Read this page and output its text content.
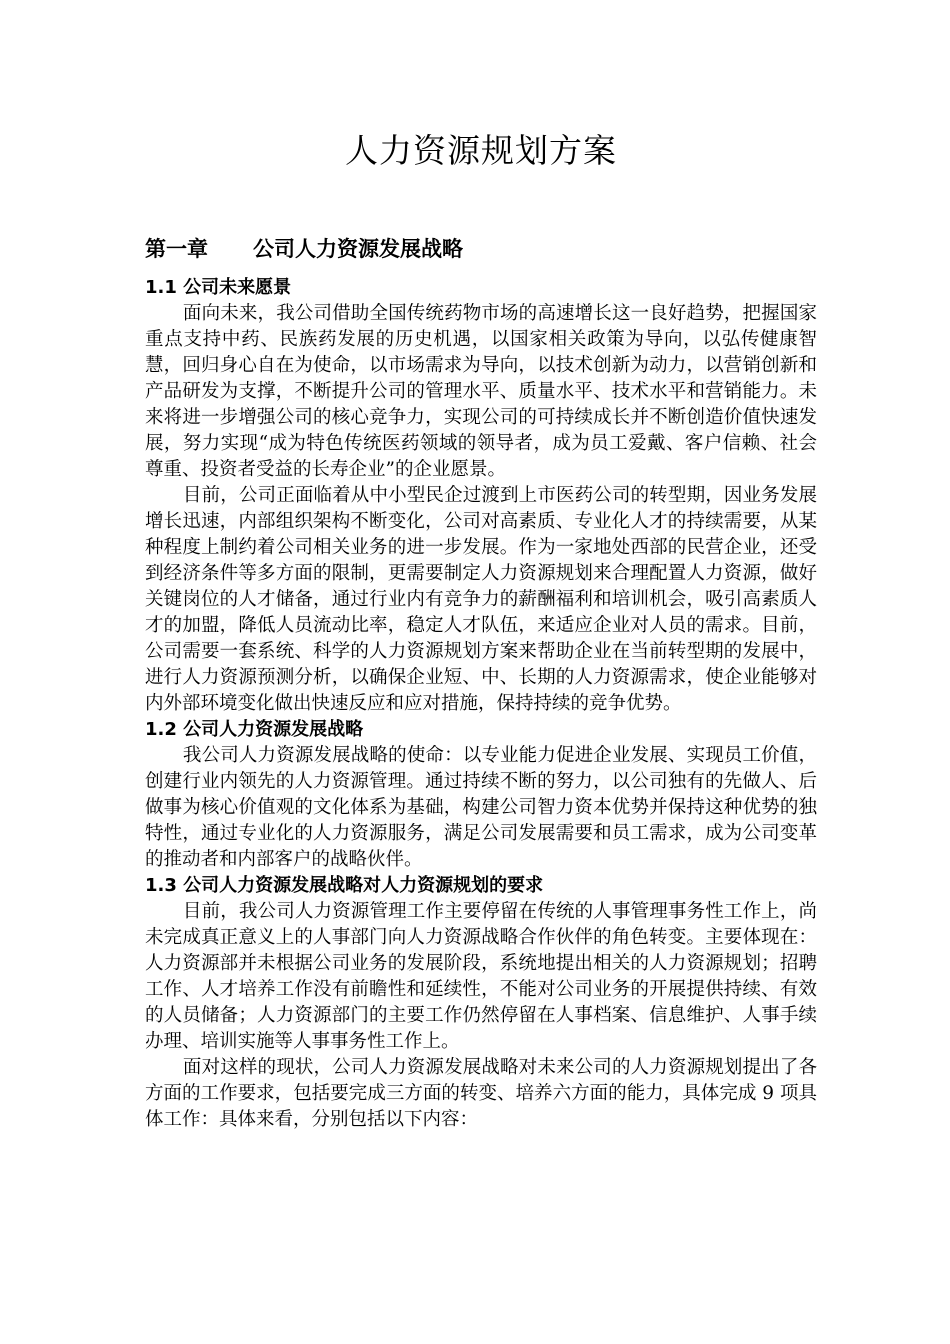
人力资源规划方案
第一章 公司人力资源发展战略
1.1 公司未来愿景

面向未来，我公司借助全国传统药物市场的高速增长这一良好趋势，把握国家重点支持中药、民族药发展的历史机遇，以国家相关政策为导向，以弘传健康智慧，回归身心自在为使命，以市场需求为导向，以技术创新为动力，以营销创新和产品研发为支撑，不断提升公司的管理水平、质量水平、技术水平和营销能力。未来将进一步增强公司的核心竞争力，实现公司的可持续成长并不断创造价值快速发展，努力实现“成为特色传统医药领域的领导者，成为员工爱戴、客户信赖、社会尊重、投资者受益的长寿企业”的企业愿景。

目前，公司正面临着从中小型民企过渡到上市医药公司的转型期，因业务发展增长迅速，内部组织架构不断变化，公司对高素质、专业化人才的持续需要，从某种程度上制约着公司相关业务的进一步发展。作为一家地处西部的民营企业，还受到经济条件等多方面的限制，更需要制定人力资源规划来合理配置人力资源，做好关键岗位的人才储备，通过行业内有竞争力的薪酬福利和培训机会，吸引高素质人才的加盟，降低人员流动比率，稳定人才队伍，来适应企业对人员的需求。目前，公司需要一套系统、科学的人力资源规划方案来帮助企业在当前转型期的发展中，进行人力资源预测分析，以确保企业短、中、长期的人力资源需求，使企业能够对内外部环境变化做出快速反应和应对措施，保持持续的竞争优势。

1.2 公司人力资源发展战略

我公司人力资源发展战略的使命：以专业能力促进企业发展、实现员工价值，创建行业内领先的人力资源管理。通过持续不断的努力，以公司独有的先做人、后做事为核心价值观的文化体系为基础，构建公司智力资本优势并保持这种优势的独特性，通过专业化的人力资源服务，满足公司发展需要和员工需求，成为公司变革的推动者和内部客户的战略伙伴。

1.3 公司人力资源发展战略对人力资源规划的要求

目前，我公司人力资源管理工作主要停留在传统的人事管理事务性工作上，尚未完成真正意义上的人事部门向人力资源战略合作伙伴的角色转变。主要体现在：人力资源部并未根据公司业务的发展阶段，系统地提出相关的人力资源规划；招聘工作、人才培养工作没有前瞻性和延续性，不能对公司业务的开展提供持续、有效的人员储备；人力资源部门的主要工作仍然停留在人事档案、信息维护、人事手续办理、培训实施等人事事务性工作上。

面对这样的现状，公司人力资源发展战略对未来公司的人力资源规划提出了各方面的工作要求，包括要完成三方面的转变、培养六方面的能力，具体完成 9 项具体工作：具体来看，分别包括以下内容：
